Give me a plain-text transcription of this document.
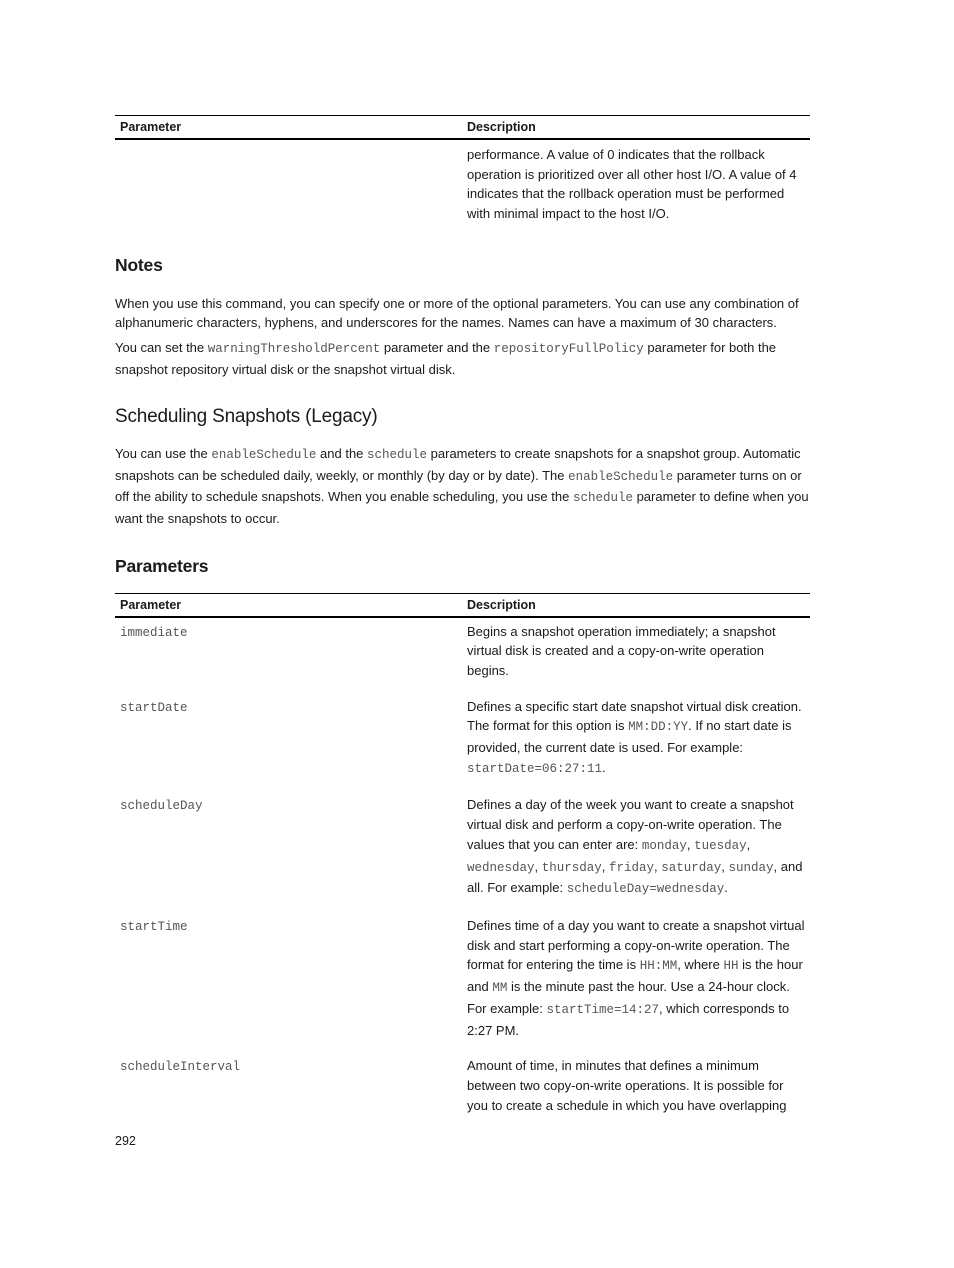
Parameter	Description
	performance. A value of 0 indicates that the rollback operation is prioritized over all other host I/O. A value of 4 indicates that the rollback operation must be performed with minimal impact to the host I/O.
Notes

When you use this command, you can specify one or more of the optional parameters. You can use any combination of alphanumeric characters, hyphens, and underscores for the names. Names can have a maximum of 30 characters.

You can set the warningThresholdPercent parameter and the repositoryFullPolicy parameter for both the snapshot repository virtual disk or the snapshot virtual disk.

Scheduling Snapshots (Legacy)

You can use the enableSchedule and the schedule parameters to create snapshots for a snapshot group. Automatic snapshots can be scheduled daily, weekly, or monthly (by day or by date). The enableSchedule parameter turns on or off the ability to schedule snapshots. When you enable scheduling, you use the schedule parameter to define when you want the snapshots to occur.

Parameters
Parameter	Description
immediate	Begins a snapshot operation immediately; a snapshot virtual disk is created and a copy-on-write operation begins.
startDate	Defines a specific start date snapshot virtual disk creation. The format for this option is MM:DD:YY. If no start date is provided, the current date is used. For example: startDate=06:27:11.
scheduleDay	Defines a day of the week you want to create a snapshot virtual disk and perform a copy-on-write operation. The values that you can enter are: monday, tuesday, wednesday, thursday, friday, saturday, sunday, and all. For example: scheduleDay=wednesday.
startTime	Defines time of a day you want to create a snapshot virtual disk and start performing a copy-on-write operation. The format for entering the time is HH:MM, where HH is the hour and MM is the minute past the hour. Use a 24-hour clock. For example: startTime=14:27, which corresponds to 2:27 PM.
scheduleInterval	Amount of time, in minutes that defines a minimum between two copy-on-write operations. It is possible for you to create a schedule in which you have overlapping
292
